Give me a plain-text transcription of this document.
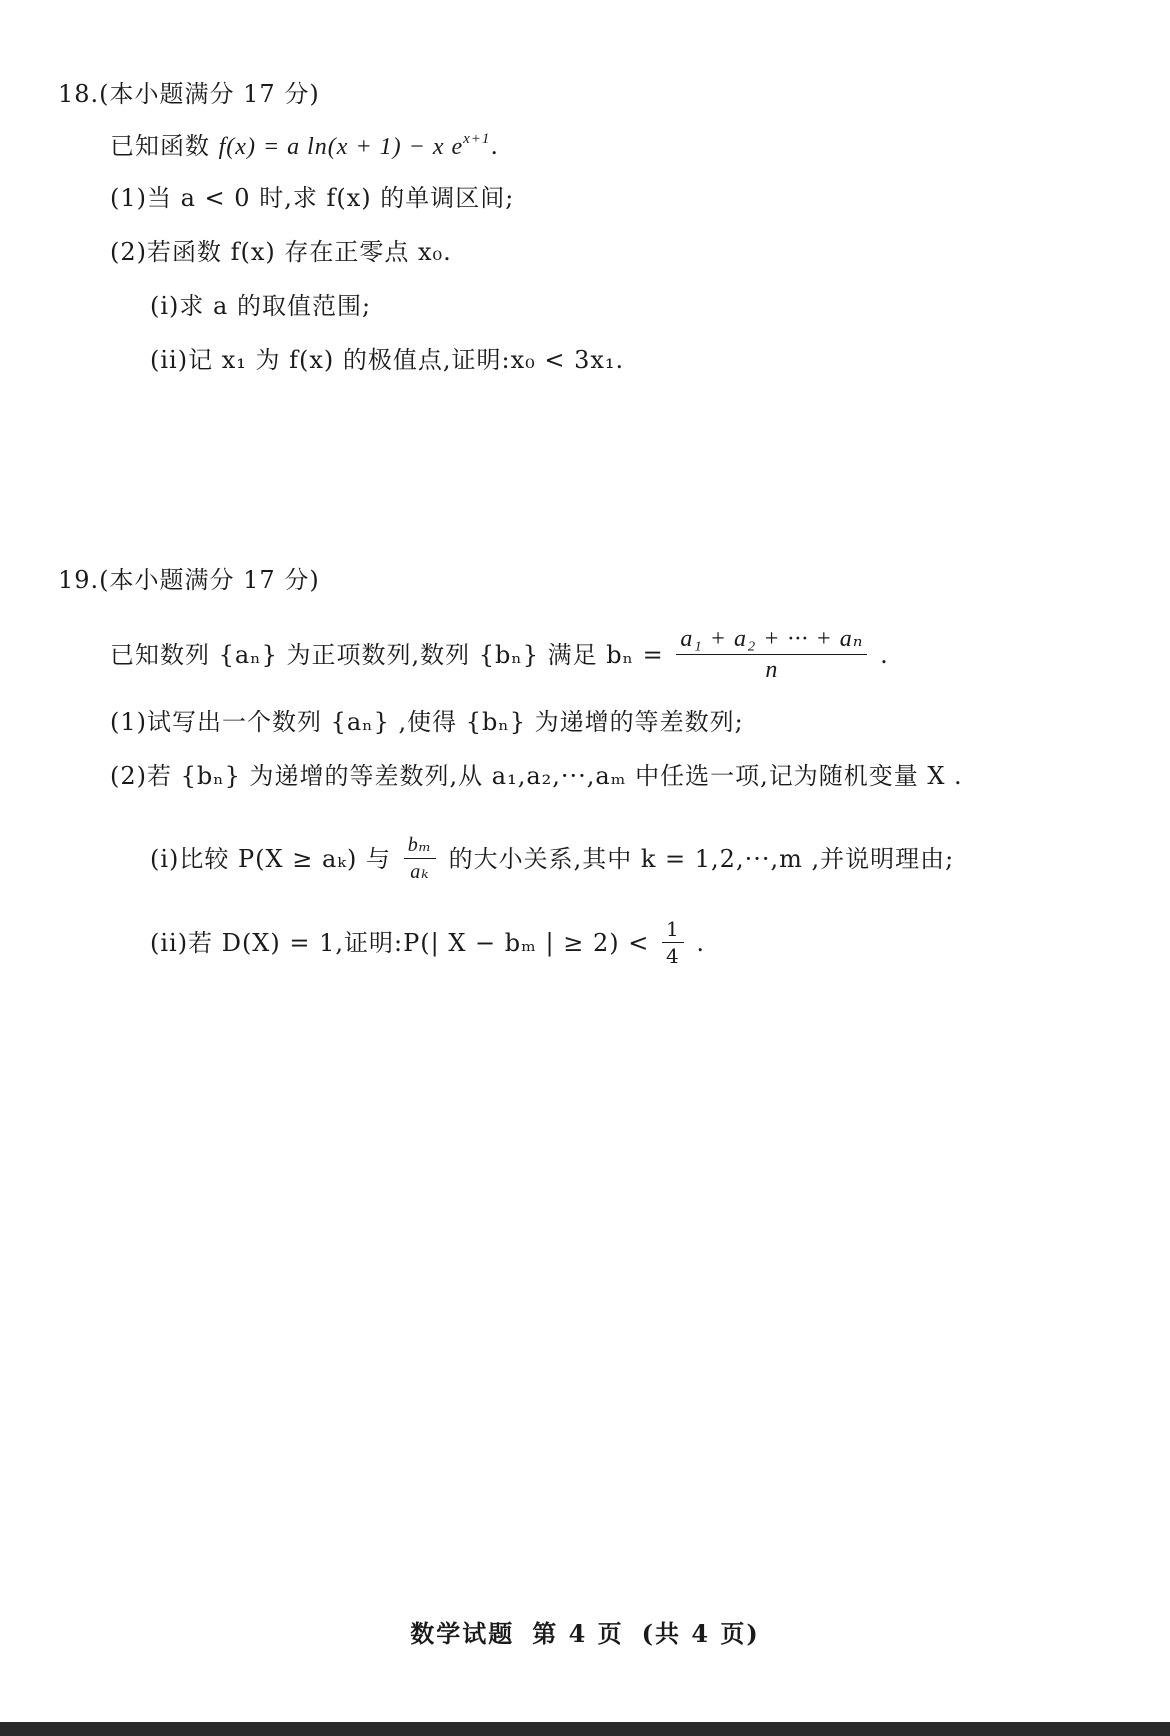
18.(本小题满分 17 分)
已知函数 f(x) = a ln(x + 1) − x $e^{x+1}$.
(1)当 a < 0 时,求 f(x) 的单调区间;
(2)若函数 f(x) 存在正零点 x₀.
(i)求 a 的取值范围;
(ii)记 x₁ 为 f(x) 的极值点,证明:x₀ < 3x₁.
19.(本小题满分 17 分)
已知数列 {aₙ} 为正项数列,数列 {bₙ} 满足 $b_n = \frac{\text{a₁ + a₂ + ··· + aₙ}}{n}$ .
(1)试写出一个数列 {aₙ} ,使得 {bₙ} 为递增的等差数列;
(2)若 {bₙ} 为递增的等差数列,从 a₁,a₂,···,aₘ 中任选一项,记为随机变量 X .
(i)比较 P(X ≥ aₖ) 与 $\frac{\text{bₘ}}{\text{aₖ}}$ 的大小关系,其中 k = 1,2,···,m ,并说明理由;
(ii)若 D(X) = 1,证明:P(| X − bₘ | ≥ $2) < \frac{1}{4}$ .
数学试题 第 4 页 (共 4 页)
